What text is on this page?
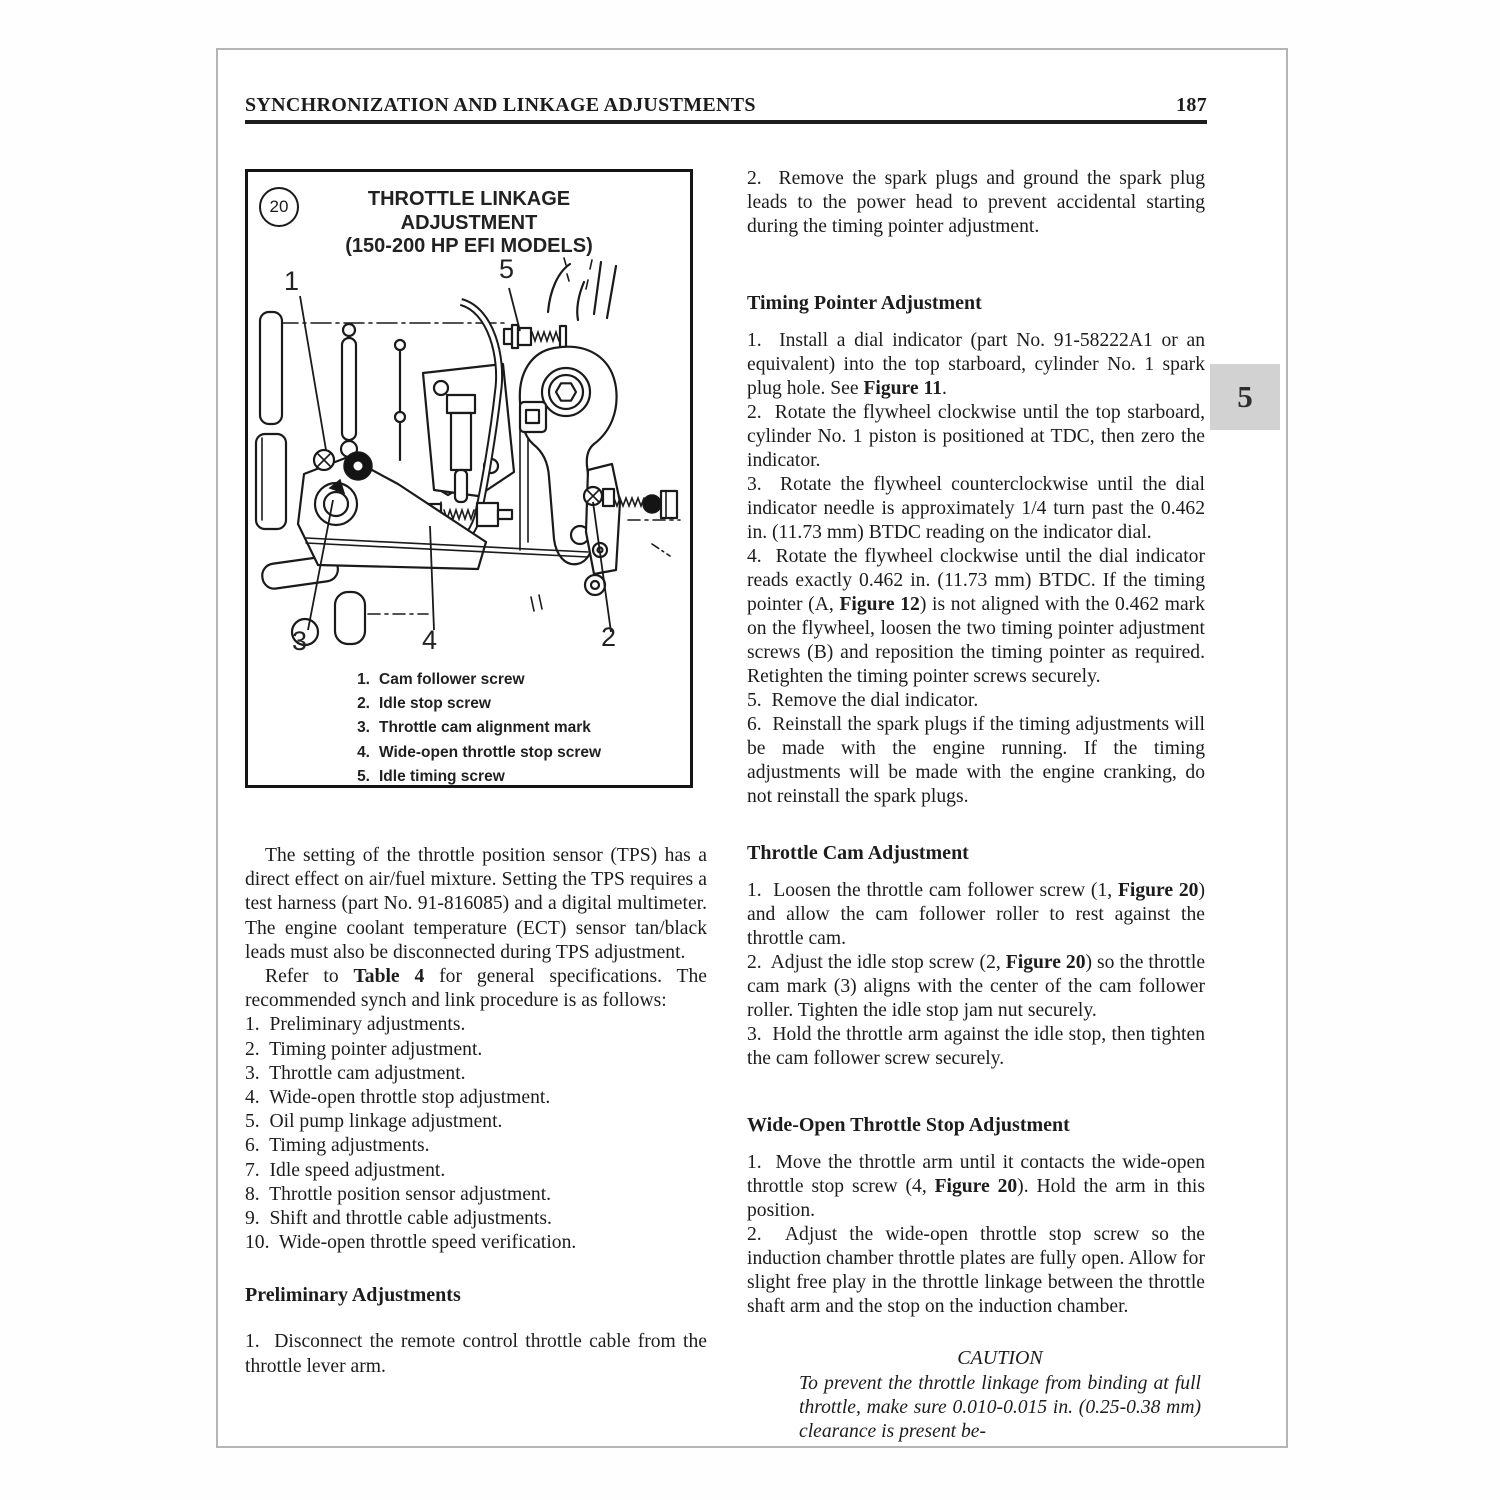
SYNCHRONIZATION AND LINKAGE ADJUSTMENTS	187
5
20	THROTTLE LINKAGE
ADJUSTMENT
(150-200 HP EFI MODELS)
1	5
3	4	2
1. Cam follower screw
2. Idle stop screw
3. Throttle cam alignment mark
4. Wide-open throttle stop screw
5. Idle timing screw

The setting of the throttle position sensor (TPS) has a direct effect on air/fuel mixture. Setting the TPS requires a test harness (part No. 91-816085) and a digital multimeter. The engine coolant temperature (ECT) sensor tan/black leads must also be disconnected during TPS adjustment.

Refer to Table 4 for general specifications. The recommended synch and link procedure is as follows:

1.  Preliminary adjustments.
2.  Timing pointer adjustment.
3.  Throttle cam adjustment.
4.  Wide-open throttle stop adjustment.
5.  Oil pump linkage adjustment.
6.  Timing adjustments.
7.  Idle speed adjustment.
8.  Throttle position sensor adjustment.
9.  Shift and throttle cable adjustments.
10.  Wide-open throttle speed verification.
Preliminary Adjustments

1.  Disconnect the remote control throttle cable from the throttle lever arm.

2.  Remove the spark plugs and ground the spark plug leads to the power head to prevent accidental starting during the timing pointer adjustment.

Timing Pointer Adjustment

1.  Install a dial indicator (part No. 91-58222A1 or an equivalent) into the top starboard, cylinder No. 1 spark plug hole. See Figure 11.

2.  Rotate the flywheel clockwise until the top starboard, cylinder No. 1 piston is positioned at TDC, then zero the indicator.

3.  Rotate the flywheel counterclockwise until the dial indicator needle is approximately 1/4 turn past the 0.462 in. (11.73 mm) BTDC reading on the indicator dial.

4.  Rotate the flywheel clockwise until the dial indicator reads exactly 0.462 in. (11.73 mm) BTDC. If the timing pointer (A, Figure 12) is not aligned with the 0.462 mark on the flywheel, loosen the two timing pointer adjustment screws (B) and reposition the timing pointer as required. Retighten the timing pointer screws securely.

5.  Remove the dial indicator.

6.  Reinstall the spark plugs if the timing adjustments will be made with the engine running. If the timing adjustments will be made with the engine cranking, do not reinstall the spark plugs.

Throttle Cam Adjustment

1.  Loosen the throttle cam follower screw (1, Figure 20) and allow the cam follower roller to rest against the throttle cam.

2.  Adjust the idle stop screw (2, Figure 20) so the throttle cam mark (3) aligns with the center of the cam follower roller. Tighten the idle stop jam nut securely.

3.  Hold the throttle arm against the idle stop, then tighten the cam follower screw securely.

Wide-Open Throttle Stop Adjustment

1.  Move the throttle arm until it contacts the wide-open throttle stop screw (4, Figure 20). Hold the arm in this position.

2.  Adjust the wide-open throttle stop screw so the induction chamber throttle plates are fully open. Allow for slight free play in the throttle linkage between the throttle shaft arm and the stop on the induction chamber.

CAUTION

To prevent the throttle linkage from binding at full throttle, make sure 0.010-0.015 in. (0.25-0.38 mm) clearance is present be-
